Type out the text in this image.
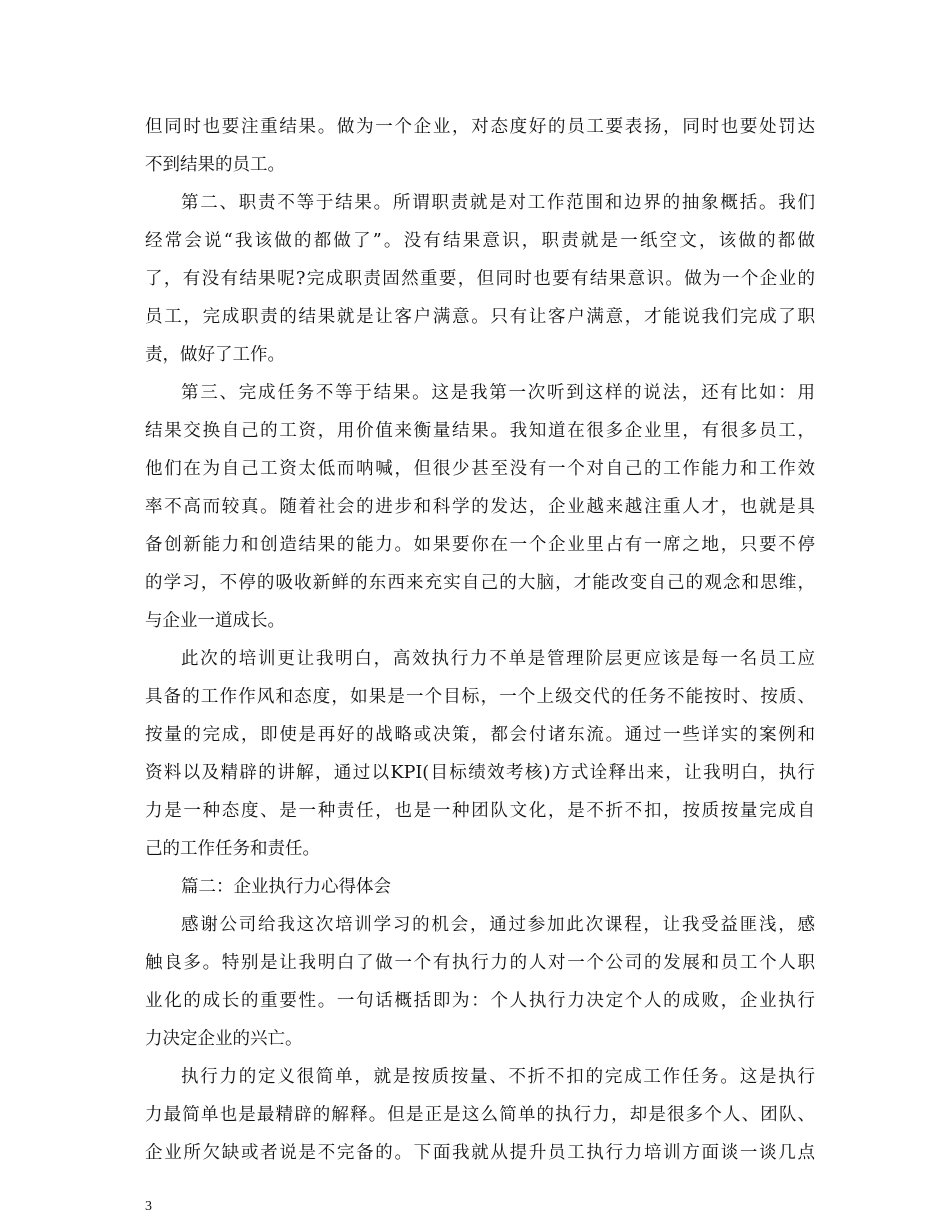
但同时也要注重结果。做为一个企业，对态度好的员工要表扬，同时也要处罚达
不到结果的员工。
第二、职责不等于结果。所谓职责就是对工作范围和边界的抽象概括。我们
经常会说“我该做的都做了”。没有结果意识，职责就是一纸空文，该做的都做
了，有没有结果呢?完成职责固然重要，但同时也要有结果意识。做为一个企业的
员工，完成职责的结果就是让客户满意。只有让客户满意，才能说我们完成了职
责，做好了工作。
第三、完成任务不等于结果。这是我第一次听到这样的说法，还有比如：用
结果交换自己的工资，用价值来衡量结果。我知道在很多企业里，有很多员工，
他们在为自己工资太低而呐喊，但很少甚至没有一个对自己的工作能力和工作效
率不高而较真。随着社会的进步和科学的发达，企业越来越注重人才，也就是具
备创新能力和创造结果的能力。如果要你在一个企业里占有一席之地，只要不停
的学习，不停的吸收新鲜的东西来充实自己的大脑，才能改变自己的观念和思维，
与企业一道成长。
此次的培训更让我明白，高效执行力不单是管理阶层更应该是每一名员工应
具备的工作作风和态度，如果是一个目标，一个上级交代的任务不能按时、按质、
按量的完成，即使是再好的战略或决策，都会付诸东流。通过一些详实的案例和
资料以及精辟的讲解，通过以KPI(目标绩效考核)方式诠释出来，让我明白，执行
力是一种态度、是一种责任，也是一种团队文化，是不折不扣，按质按量完成自
己的工作任务和责任。
篇二：企业执行力心得体会
感谢公司给我这次培训学习的机会，通过参加此次课程，让我受益匪浅，感
触良多。特别是让我明白了做一个有执行力的人对一个公司的发展和员工个人职
业化的成长的重要性。一句话概括即为：个人执行力决定个人的成败，企业执行
力决定企业的兴亡。
执行力的定义很简单，就是按质按量、不折不扣的完成工作任务。这是执行
力最简单也是最精辟的解释。但是正是这么简单的执行力，却是很多个人、团队、
企业所欠缺或者说是不完备的。下面我就从提升员工执行力培训方面谈一谈几点
3
